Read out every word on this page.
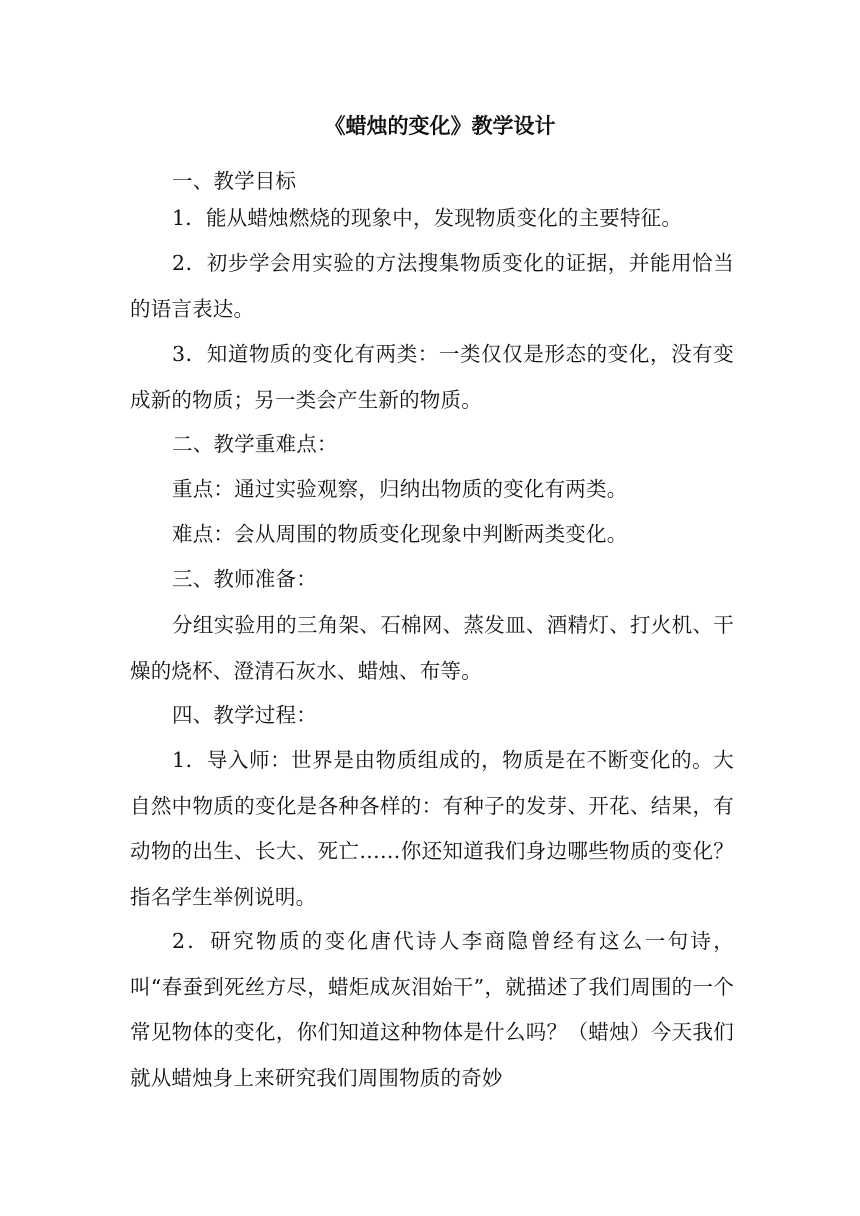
《蜡烛的变化》教学设计

一、教学目标

1．能从蜡烛燃烧的现象中，发现物质变化的主要特征。

2．初步学会用实验的方法搜集物质变化的证据，并能用恰当的语言表达。

3．知道物质的变化有两类：一类仅仅是形态的变化，没有变成新的物质；另一类会产生新的物质。

二、教学重难点：

重点：通过实验观察，归纳出物质的变化有两类。

难点：会从周围的物质变化现象中判断两类变化。

三、教师准备：

分组实验用的三角架、石棉网、蒸发皿、酒精灯、打火机、干燥的烧杯、澄清石灰水、蜡烛、布等。

四、教学过程：

1．导入师：世界是由物质组成的，物质是在不断变化的。大自然中物质的变化是各种各样的：有种子的发芽、开花、结果，有动物的出生、长大、死亡……你还知道我们身边哪些物质的变化？指名学生举例说明。

2．研究物质的变化唐代诗人李商隐曾经有这么一句诗，叫“春蚕到死丝方尽，蜡炬成灰泪始干”，就描述了我们周围的一个常见物体的变化，你们知道这种物体是什么吗？（蜡烛）今天我们就从蜡烛身上来研究我们周围物质的奇妙
